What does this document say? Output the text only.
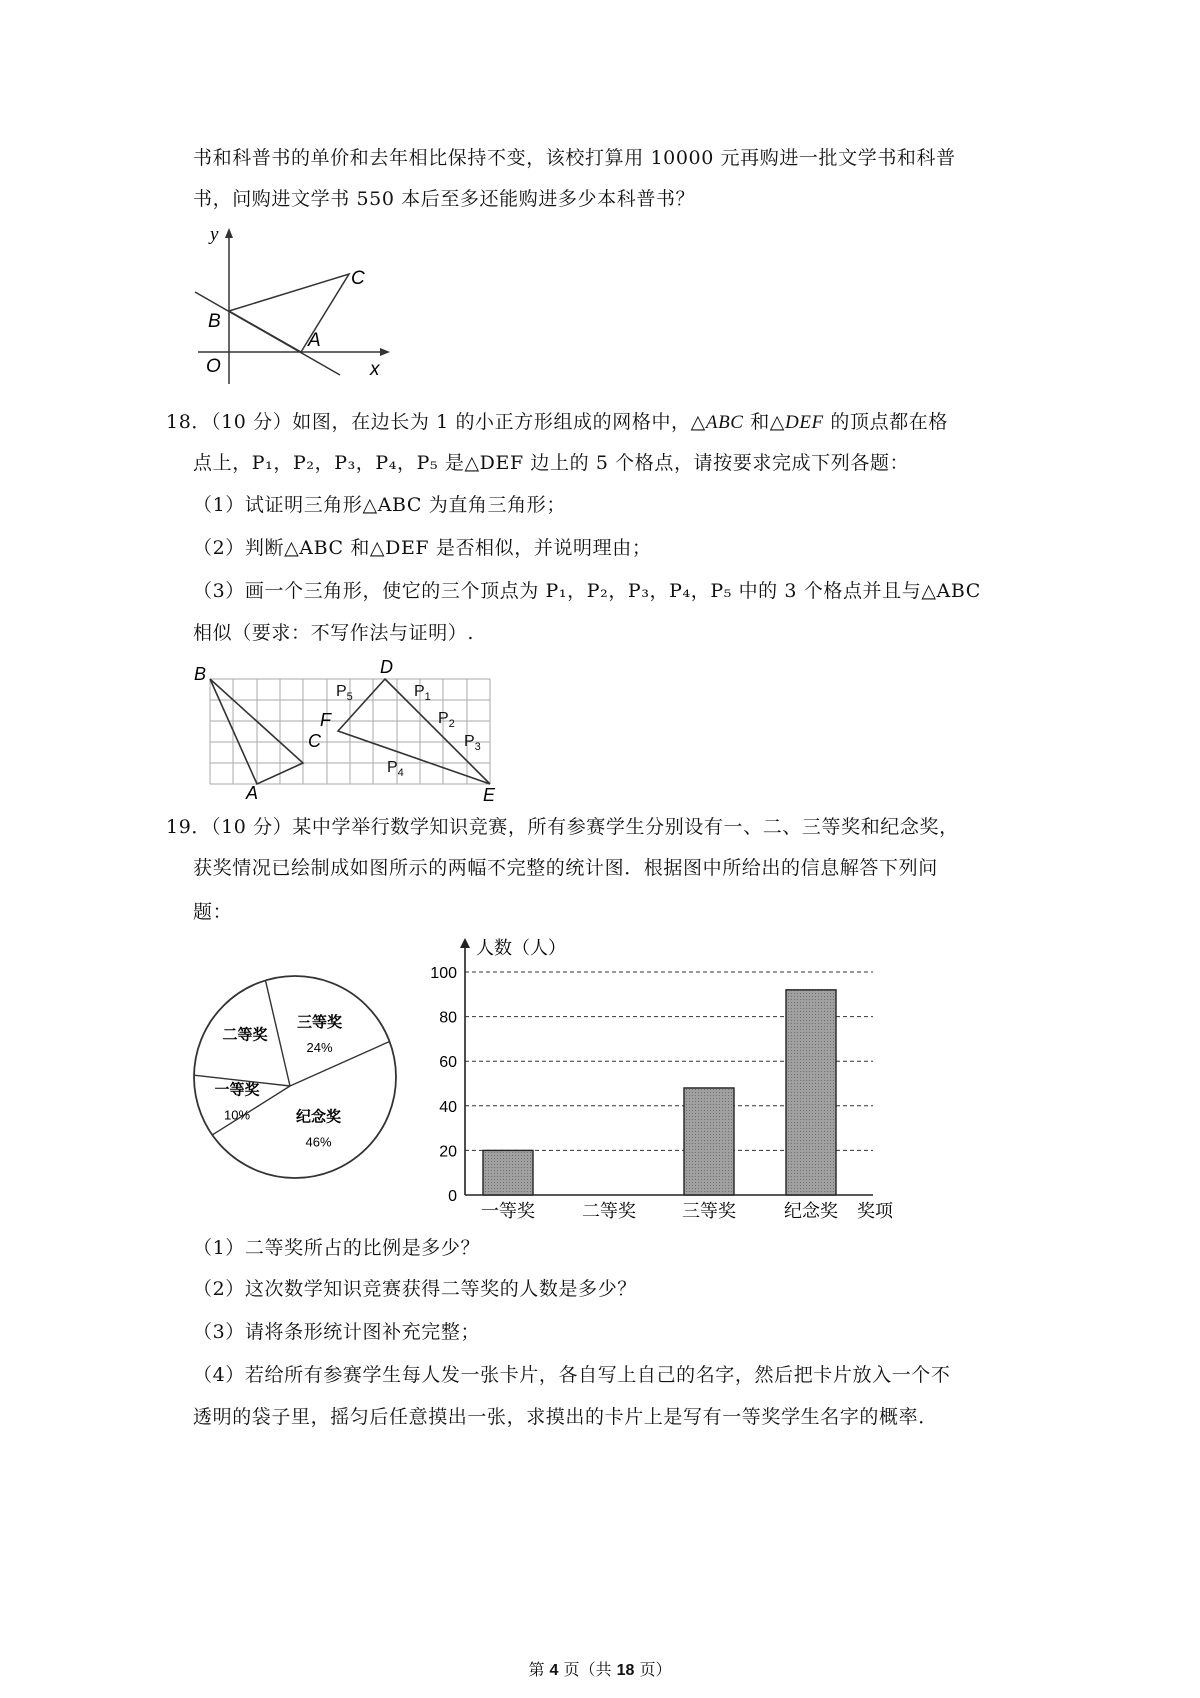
书和科普书的单价和去年相比保持不变，该校打算用 10000 元再购进一批文学书和科普
书，问购进文学书 550 本后至多还能购进多少本科普书？
y
x
O
A
B
C
18．（10 分）如图，在边长为 1 的小正方形组成的网格中，△ABC 和△DEF 的顶点都在格
点上，P₁，P₂，P₃，P₄，P₅ 是△DEF 边上的 5 个格点，请按要求完成下列各题：
（1）试证明三角形△ABC 为直角三角形；
（2）判断△ABC 和△DEF 是否相似，并说明理由；
（3）画一个三角形，使它的三个顶点为 P₁，P₂，P₃，P₄，P₅ 中的 3 个格点并且与△ABC
相似（要求：不写作法与证明）.
B
A
C
D
E
F
$P_5$	$P_1$
$P_2$
$P_3$
$P_4$
19．（10 分）某中学举行数学知识竞赛，所有参赛学生分别设有一、二、三等奖和纪念奖，
获奖情况已绘制成如图所示的两幅不完整的统计图．根据图中所给出的信息解答下列问
题：
一等奖
10%
二等奖
三等奖
24%
纪念奖
46%
0
20
40
60
80
100
人数（人）
奖项
一等奖	二等奖	三等奖	纪念奖
（1）二等奖所占的比例是多少？
（2）这次数学知识竞赛获得二等奖的人数是多少？
（3）请将条形统计图补充完整；
（4）若给所有参赛学生每人发一张卡片，各自写上自己的名字，然后把卡片放入一个不
透明的袋子里，摇匀后任意摸出一张，求摸出的卡片上是写有一等奖学生名字的概率．
第 4 页（共 18 页）
